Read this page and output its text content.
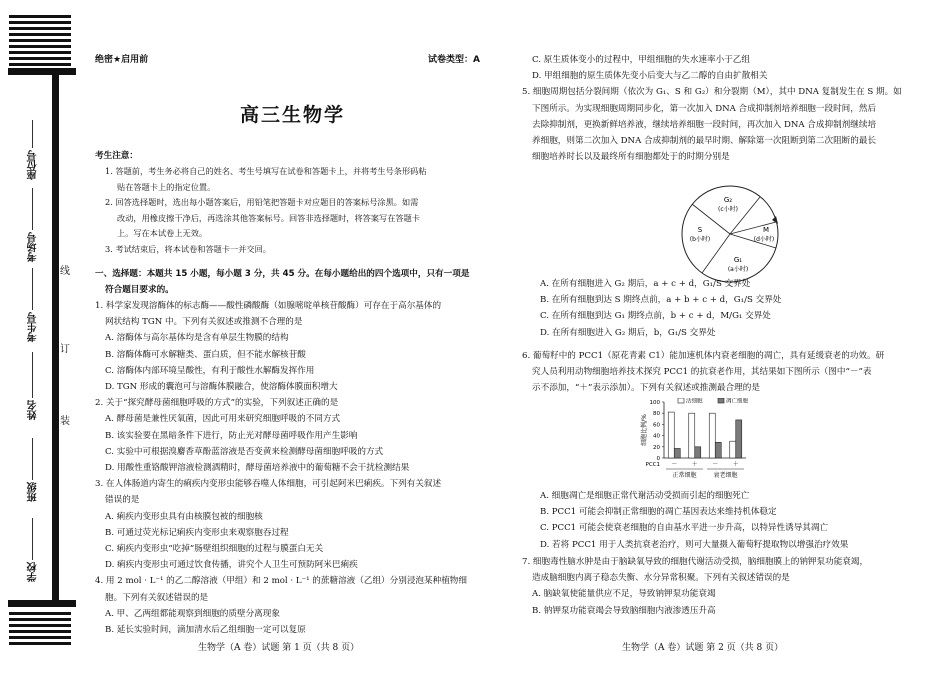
座位号
考场号
考生号
姓名
班级
学校
线
订
装
绝密★启用前	试卷类型：A
高三生物学

考生注意：

1. 答题前，考生务必将自己的姓名、考生号填写在试卷和答题卡上，并将考生号条形码粘

贴在答题卡上的指定位置。

2. 回答选择题时，选出每小题答案后，用铅笔把答题卡对应题目的答案标号涂黑。如需

改动，用橡皮擦干净后，再选涂其他答案标号。回答非选择题时，将答案写在答题卡

上。写在本试卷上无效。

3. 考试结束后，将本试卷和答题卡一并交回。

一、选择题：本题共 15 小题，每小题 3 分，共 45 分。在每小题给出的四个选项中，只有一项是

符合题目要求的。

1. 科学家发现溶酶体的标志酶——酸性磷酸酶（如腺嘧啶单核苷酸酶）可存在于高尔基体的

网状结构 TGN 中。下列有关叙述或推测不合理的是

A. 溶酶体与高尔基体均是含有单层生物膜的结构

B. 溶酶体酶可水解糖类、蛋白质，但不能水解核苷酸

C. 溶酶体内部环境呈酸性，有利于酸性水解酶发挥作用

D. TGN 形成的囊泡可与溶酶体膜融合，使溶酶体膜面积增大

2. 关于“探究酵母菌细胞呼吸的方式”的实验，下列叙述正确的是

A. 酵母菌是兼性厌氧菌，因此可用来研究细胞呼吸的不同方式

B. 该实验要在黑暗条件下进行，防止光对酵母菌呼吸作用产生影响

C. 实验中可根据溴麝香草酚蓝溶液是否变黄来检测酵母菌细胞呼吸的方式

D. 用酸性重铬酸钾溶液检测酒精时，酵母菌培养液中的葡萄糖不会干扰检测结果

3. 在人体肠道内寄生的痢疾内变形虫能够吞噬人体细胞，可引起阿米巴痢疾。下列有关叙述

错误的是

A. 痢疾内变形虫具有由核膜包被的细胞核

B. 可通过荧光标记痢疾内变形虫来观察胞吞过程

C. 痢疾内变形虫“吃掉”肠壁组织细胞的过程与膜蛋白无关

D. 痢疾内变形虫可通过饮食传播，讲究个人卫生可预防阿米巴痢疾

4. 用 2 mol · L⁻¹ 的乙二醇溶液（甲组）和 2 mol · L⁻¹ 的蔗糖溶液（乙组）分别浸泡某种植物细

胞。下列有关叙述错误的是

A. 甲、乙两组都能观察到细胞的质壁分离现象

B. 延长实验时间，滴加清水后乙组细胞一定可以复原

生物学（A 卷）试题 第 1 页（共 8 页）

C. 原生质体变小的过程中，甲组细胞的失水速率小于乙组

D. 甲组细胞的原生质体先变小后变大与乙二醇的自由扩散相关

5. 细胞周期包括分裂间期（依次为 G₁、S 和 G₂）和分裂期（M），其中 DNA 复制发生在 S 期。如

下图所示。为实现细胞周期同步化，第一次加入 DNA 合成抑制剂培养细胞一段时间，然后

去除抑制剂，更换新鲜培养液，继续培养细胞一段时间，再次加入 DNA 合成抑制剂继续培

养细胞，则第二次加入 DNA 合成抑制剂的最早时期、解除第一次阻断到第二次阻断的最长

细胞培养时长以及最终所有细胞都处于的时期分别是

G₂
(c小时)
S
(b小时)
M
(d小时)
G₁
(a小时)

A. 在所有细胞进入 G₂ 期后，a + c + d，G₁/S 交界处

B. 在所有细胞到达 S 期终点前，a + b + c + d，G₁/S 交界处

C. 在所有细胞到达 G₁ 期终点前，b + c + d，M/G₁ 交界处

D. 在所有细胞进入 G₂ 期后，b，G₁/S 交界处

6. 葡萄籽中的 PCC1（原花青素 C1）能加速机体内衰老细胞的凋亡，具有延缓衰老的功效。研

究人员利用动物细胞培养技术探究 PCC1 的抗衰老作用，其结果如下图所示（图中“－”表

示不添加，“＋”表示添加）。下列有关叙述或推测最合理的是

0
20
40
60
80
100
细胞比例/%
－ ＋ － ＋
PCC1
正常细胞	衰老细胞
活细胞	凋亡细胞

A. 细胞凋亡是细胞正常代谢活动受损而引起的细胞死亡

B. PCC1 可能会抑制正常细胞的凋亡基因表达来维持机体稳定

C. PCC1 可能会使衰老细胞的自由基水平进一步升高，以特异性诱导其凋亡

D. 若将 PCC1 用于人类抗衰老治疗，则可大量摄入葡萄籽提取物以增强治疗效果

7. 细胞毒性脑水肿是由于脑缺氧导致的细胞代谢活动受损，脑细胞膜上的钠钾泵功能衰竭，

造成脑细胞内离子稳态失衡、水分异常积聚。下列有关叙述错误的是

A. 脑缺氧使能量供应不足，导致钠钾泵功能衰竭

B. 钠钾泵功能衰竭会导致脑细胞内液渗透压升高

生物学（A 卷）试题 第 2 页（共 8 页）
